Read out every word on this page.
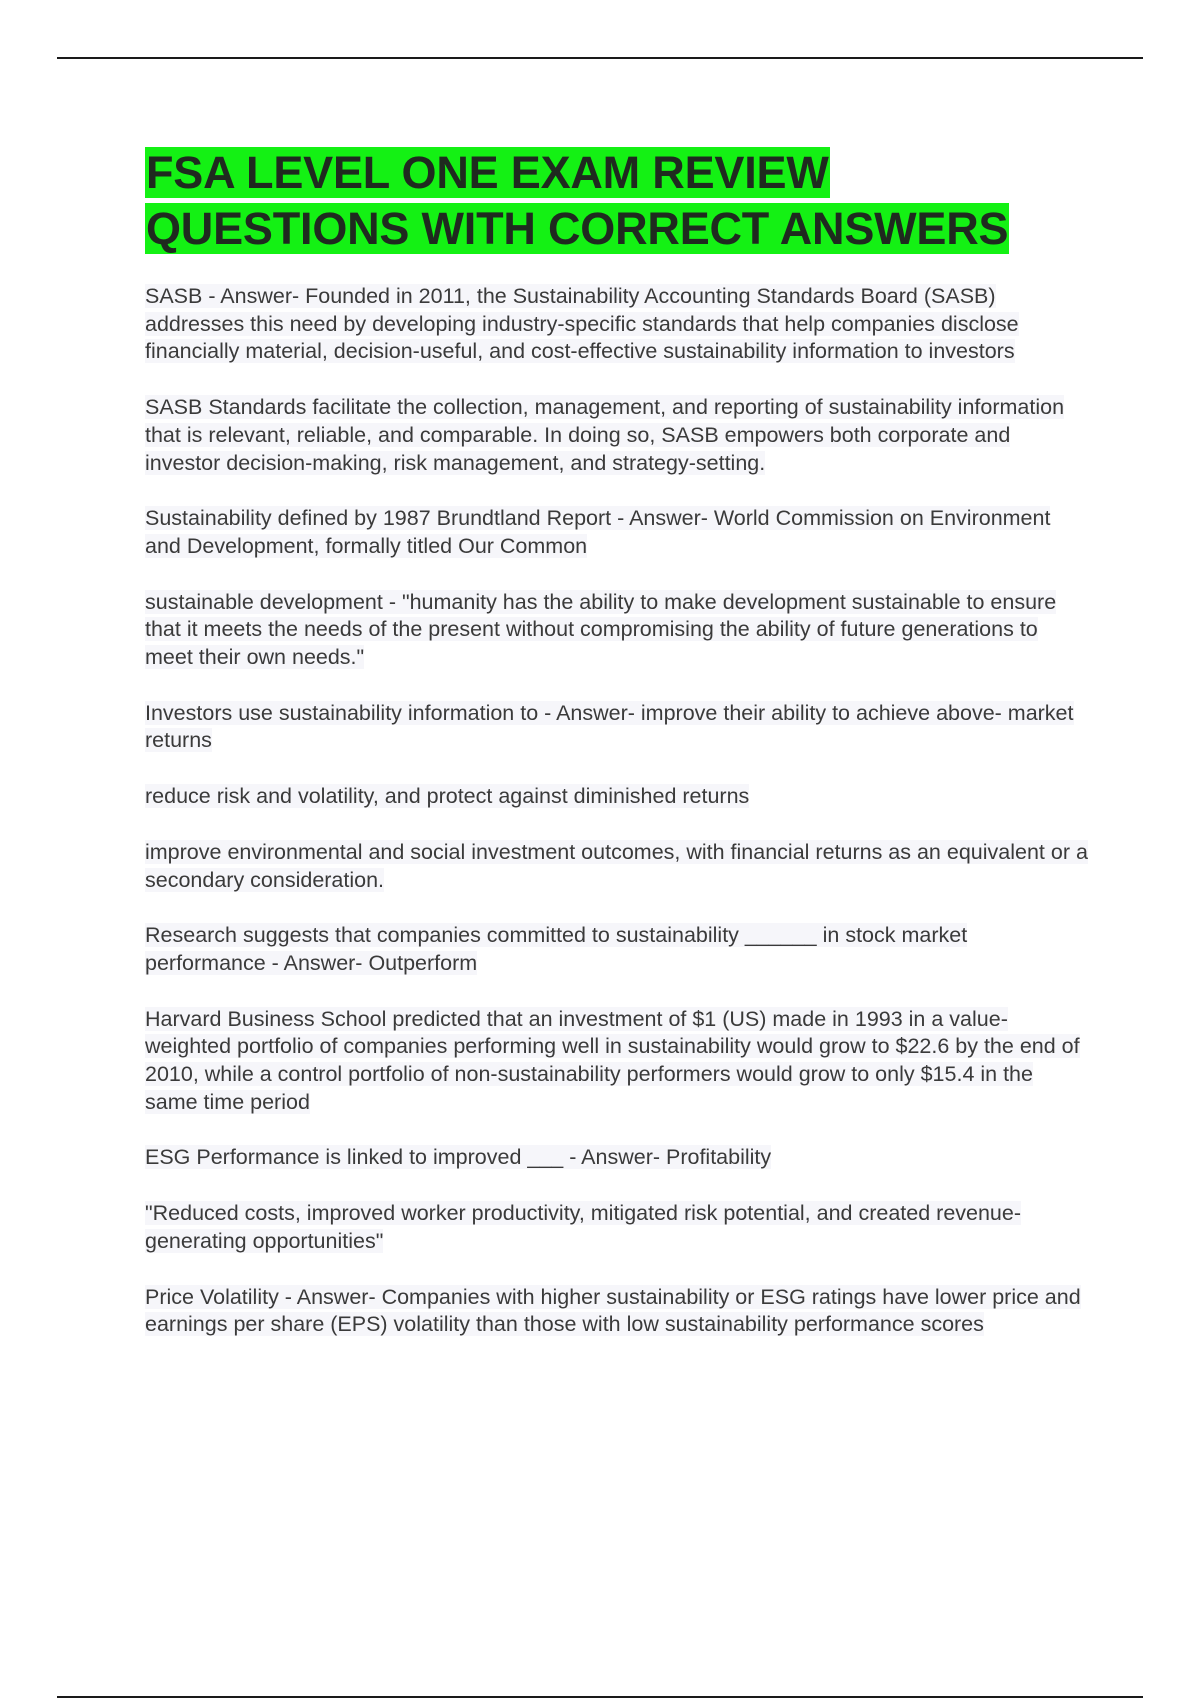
FSA LEVEL ONE EXAM REVIEW QUESTIONS WITH CORRECT ANSWERS

SASB - Answer- Founded in 2011, the Sustainability Accounting Standards Board (SASB) addresses this need by developing industry-specific standards that help companies disclose financially material, decision-useful, and cost-effective sustainability information to investors

SASB Standards facilitate the collection, management, and reporting of sustainability information that is relevant, reliable, and comparable. In doing so, SASB empowers both corporate and investor decision-making, risk management, and strategy-setting.

Sustainability defined by 1987 Brundtland Report - Answer- World Commission on Environment and Development, formally titled Our Common

sustainable development - "humanity has the ability to make development sustainable to ensure that it meets the needs of the present without compromising the ability of future generations to meet their own needs."

Investors use sustainability information to - Answer- improve their ability to achieve above- market returns

reduce risk and volatility, and protect against diminished returns

improve environmental and social investment outcomes, with financial returns as an equivalent or a secondary consideration.

Research suggests that companies committed to sustainability ______ in stock market performance - Answer- Outperform

Harvard Business School predicted that an investment of $1 (US) made in 1993 in a value-weighted portfolio of companies performing well in sustainability would grow to $22.6 by the end of 2010, while a control portfolio of non-sustainability performers would grow to only $15.4 in the same time period

ESG Performance is linked to improved ___ - Answer- Profitability

"Reduced costs, improved worker productivity, mitigated risk potential, and created revenue-generating opportunities"

Price Volatility - Answer- Companies with higher sustainability or ESG ratings have lower price and earnings per share (EPS) volatility than those with low sustainability performance scores
